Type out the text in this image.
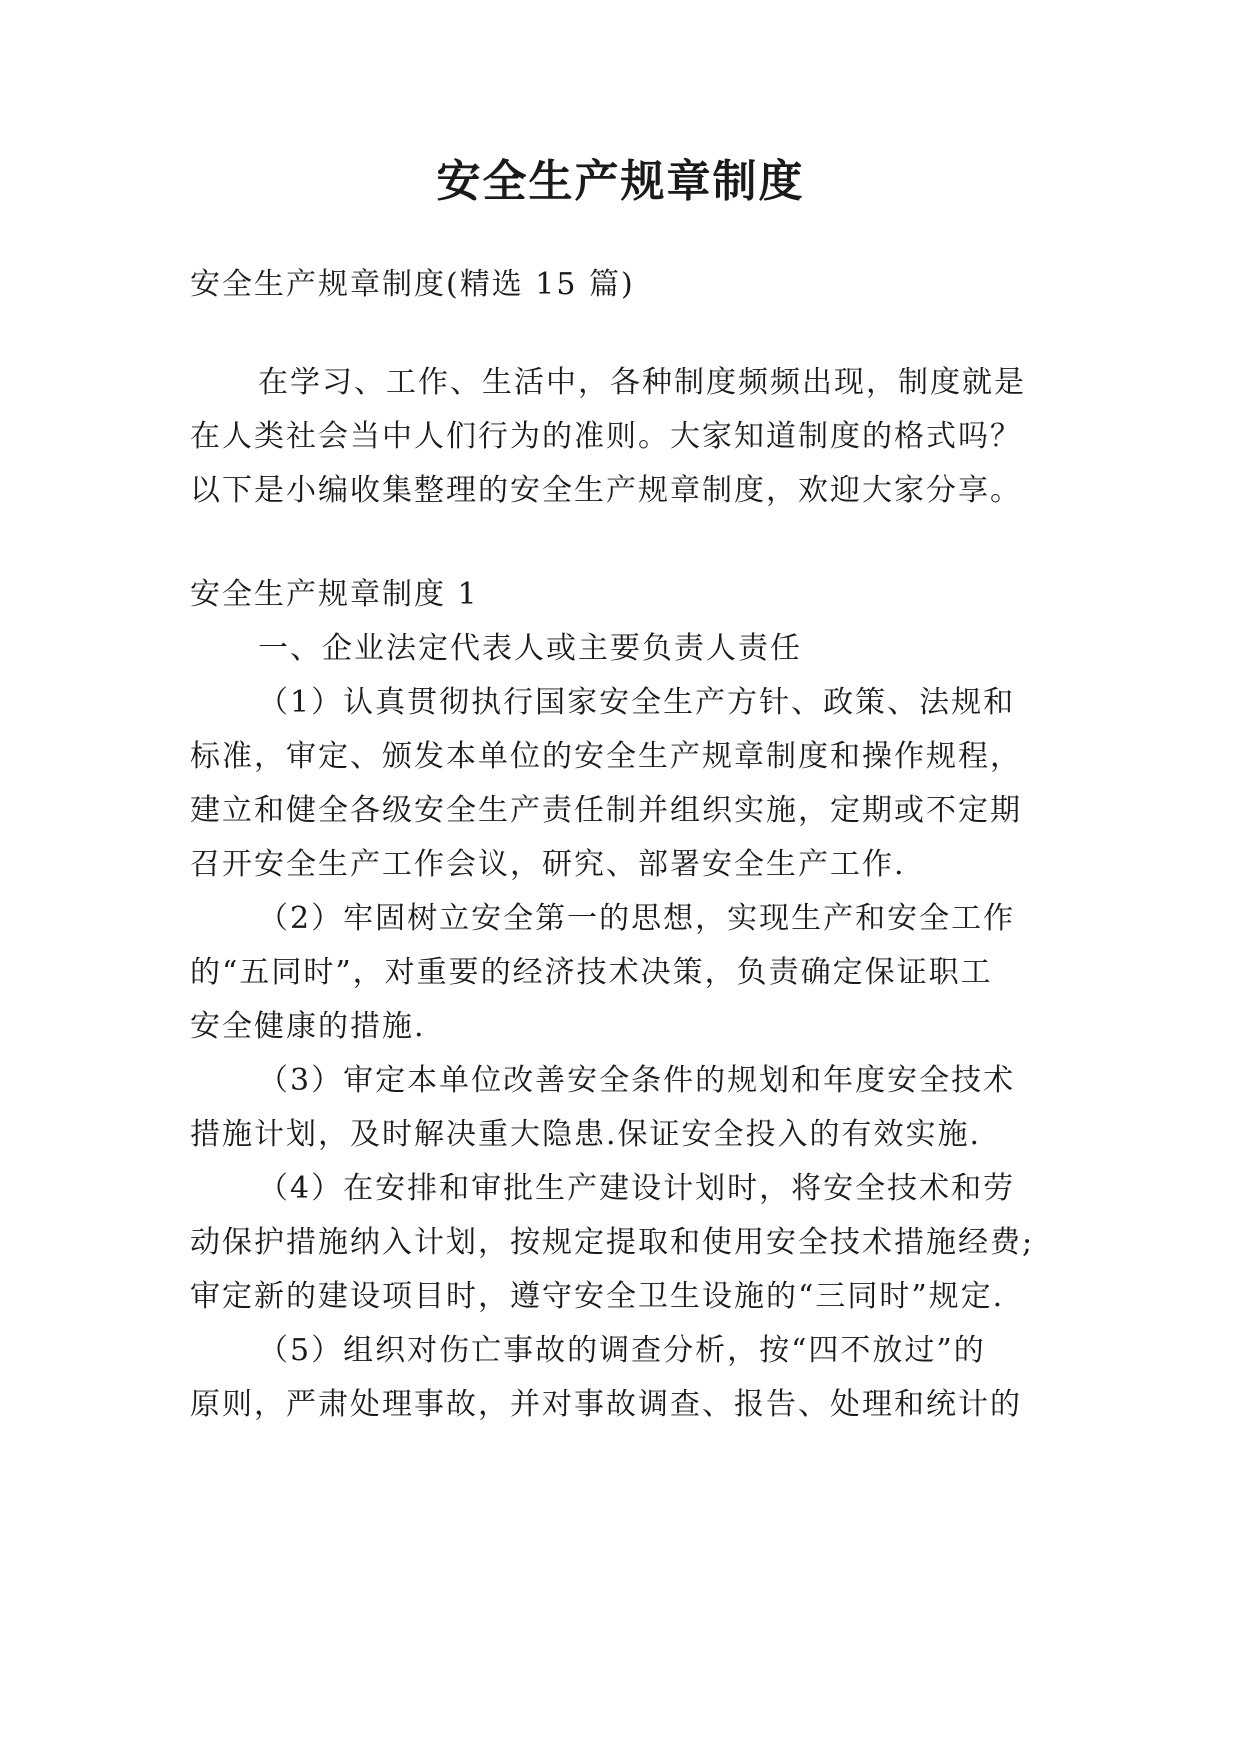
安全生产规章制度
安全生产规章制度(精选 15 篇)
在学习、工作、生活中，各种制度频频出现，制度就是
在人类社会当中人们行为的准则。大家知道制度的格式吗？
以下是小编收集整理的安全生产规章制度，欢迎大家分享。
安全生产规章制度 1
一、企业法定代表人或主要负责人责任
（1）认真贯彻执行国家安全生产方针、政策、法规和
标准，审定、颁发本单位的安全生产规章制度和操作规程，
建立和健全各级安全生产责任制并组织实施，定期或不定期
召开安全生产工作会议，研究、部署安全生产工作.
（2）牢固树立安全第一的思想，实现生产和安全工作
的“五同时”，对重要的经济技术决策，负责确定保证职工
安全健康的措施.
（3）审定本单位改善安全条件的规划和年度安全技术
措施计划，及时解决重大隐患.保证安全投入的有效实施.
（4）在安排和审批生产建设计划时，将安全技术和劳
动保护措施纳入计划，按规定提取和使用安全技术措施经费;
审定新的建设项目时，遵守安全卫生设施的“三同时”规定.
（5）组织对伤亡事故的调查分析，按“四不放过”的
原则，严肃处理事故，并对事故调查、报告、处理和统计的
